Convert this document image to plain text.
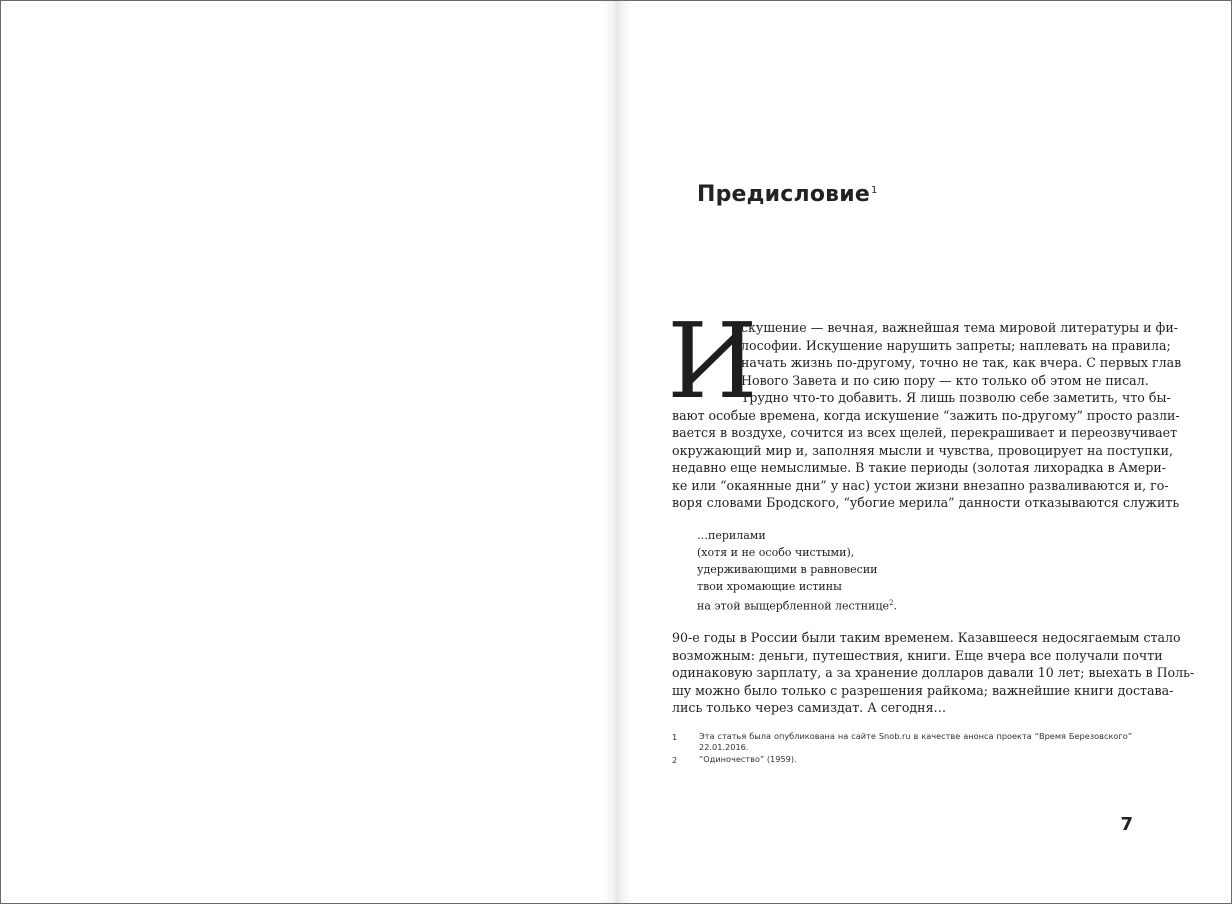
Предисловие$^1$
И
скушение — вечная, важнейшая тема мировой литературы и фи-
лософии. Искушение нарушить запреты; наплевать на правила;
начать жизнь по-другому, точно не так, как вчера. С первых глав
Нового Завета и по сию пору — кто только об этом не писал.
Трудно что-то добавить. Я лишь позволю себе заметить, что бы-
вают особые времена, когда искушение “зажить по-другому” просто разли-
вается в воздухе, сочится из всех щелей, перекрашивает и переозвучивает
окружающий мир и, заполняя мысли и чувства, провоцирует на поступки,
недавно еще немыслимые. В такие периоды (золотая лихорадка в Амери-
ке или “окаянные дни” у нас) устои жизни внезапно разваливаются и, го-
воря словами Бродского, “убогие мерила” данности отказываются служить
…перилами
(хотя и не особо чистыми),
удерживающими в равновесии
твои хромающие истины
на этой выщербленной лестнице$^2$.
90-е годы в России были таким временем. Казавшееся недосягаемым стало
возможным: деньги, путешествия, книги. Еще вчера все получали почти
одинаковую зарплату, а за хранение долларов давали 10 лет; выехать в Поль-
шу можно было только с разрешения райкома; важнейшие книги доставa-
лись только через самиздат. А сегодня…
1	Эта статья была опубликована на сайте Snob.ru в качестве анонса проекта “Время Березовского”
22.01.2016.
2	“Одиночество” (1959).
7
